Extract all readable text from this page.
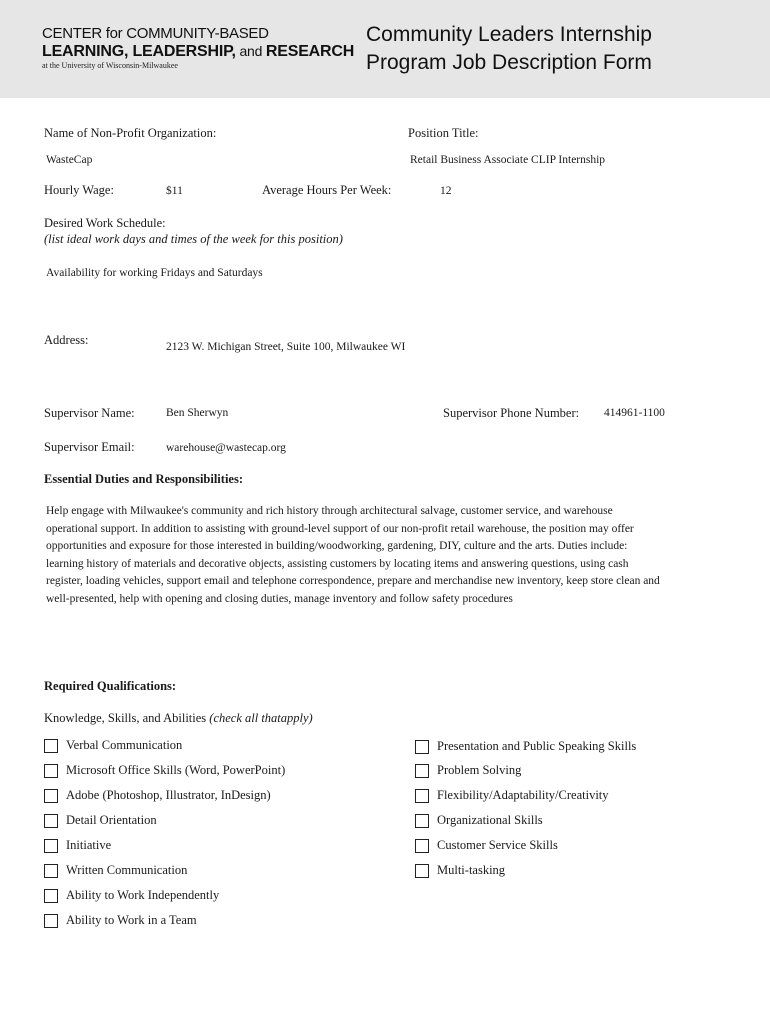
CENTER for COMMUNITY-BASED
LEARNING, LEADERSHIP, and RESEARCH
at the University of Wisconsin-Milwaukee
Community Leaders Internship
Program Job Description Form
Name of Non-Profit Organization:
WasteCap
Position Title:
Retail Business Associate CLIP Internship
Hourly Wage:	$11	Average Hours Per Week:	12
Desired Work Schedule:
(list ideal work days and times of the week for this position)
Availability for working Fridays and Saturdays
Address:	2123 W. Michigan Street, Suite 100, Milwaukee WI
Supervisor Name:	Ben Sherwyn	Supervisor Phone Number: 414961-1100
Supervisor Email:	warehouse@wastecap.org
Essential Duties and Responsibilities:
Help engage with Milwaukee's community and rich history through architectural salvage, customer service, and warehouse
operational support. In addition to assisting with ground-level support of our non-profit retail warehouse, the position may offer
opportunities and exposure for those interested in building/woodworking, gardening, DIY, culture and the arts. Duties include:
learning history of materials and decorative objects, assisting customers by locating items and answering questions, using cash
register, loading vehicles, support email and telephone correspondence, prepare and merchandise new inventory, keep store clean and
well-presented, help with opening and closing duties, manage inventory and follow safety procedures
Required Qualifications:
Knowledge, Skills, and Abilities (check all thatapply)
Verbal Communication
Microsoft Office Skills (Word, PowerPoint)
Adobe (Photoshop, Illustrator, InDesign)
Detail Orientation
Initiative
Written Communication
Ability to Work Independently
Ability to Work in a Team
Presentation and Public Speaking Skills
Problem Solving
Flexibility/Adaptability/Creativity
Organizational Skills
Customer Service Skills
Multi-tasking
